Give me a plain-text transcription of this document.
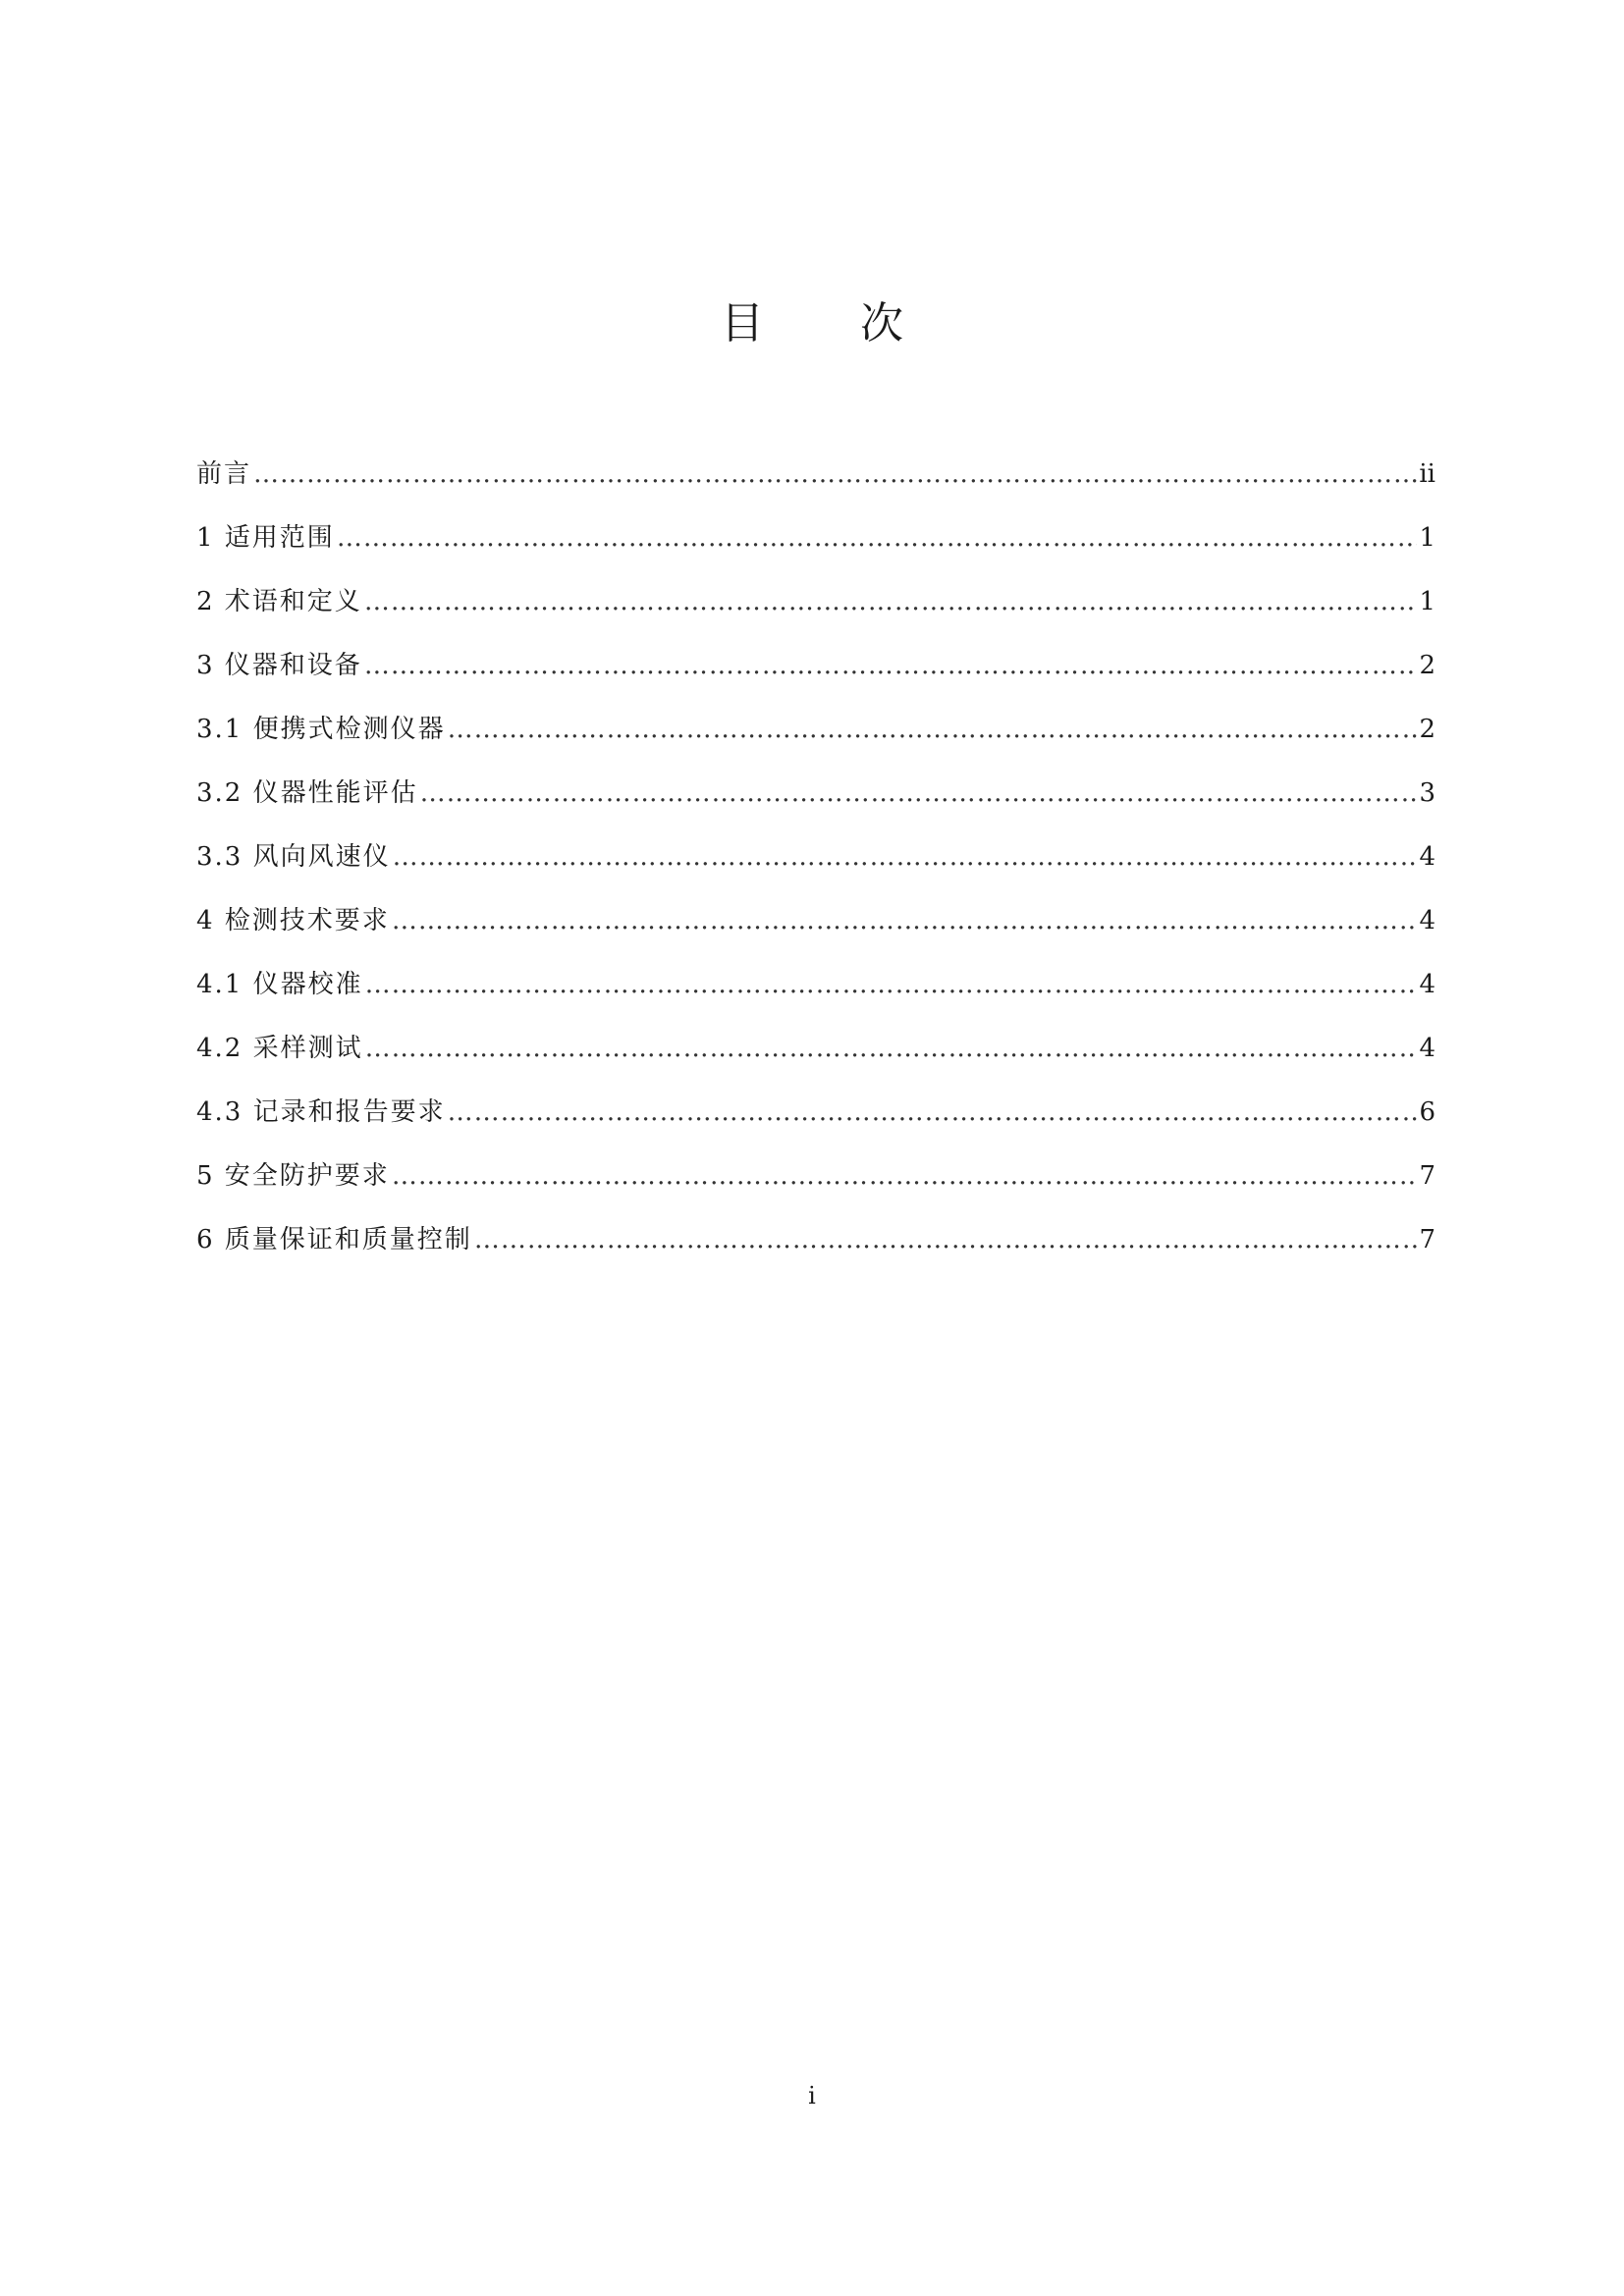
目 次
前言 …………………………………………………………………………………………………………………………………………………………………………………………………………………………………………………………………	ii
1 适用范围 …………………………………………………………………………………………………………………………………………………………………………………………………………………………………………………………………	1
2 术语和定义 …………………………………………………………………………………………………………………………………………………………………………………………………………………………………………………………………	1
3 仪器和设备 …………………………………………………………………………………………………………………………………………………………………………………………………………………………………………………………………	2
3.1 便携式检测仪器 …………………………………………………………………………………………………………………………………………………………………………………………………………………………………………………………………	2
3.2 仪器性能评估 …………………………………………………………………………………………………………………………………………………………………………………………………………………………………………………………………	3
3.3 风向风速仪 …………………………………………………………………………………………………………………………………………………………………………………………………………………………………………………………………	4
4 检测技术要求 …………………………………………………………………………………………………………………………………………………………………………………………………………………………………………………………………	4
4.1 仪器校准 …………………………………………………………………………………………………………………………………………………………………………………………………………………………………………………………………	4
4.2 采样测试 …………………………………………………………………………………………………………………………………………………………………………………………………………………………………………………………………	4
4.3 记录和报告要求 …………………………………………………………………………………………………………………………………………………………………………………………………………………………………………………………………	6
5 安全防护要求 …………………………………………………………………………………………………………………………………………………………………………………………………………………………………………………………………	7
6 质量保证和质量控制 …………………………………………………………………………………………………………………………………………………………………………………………………………………………………………………………………	7
i
